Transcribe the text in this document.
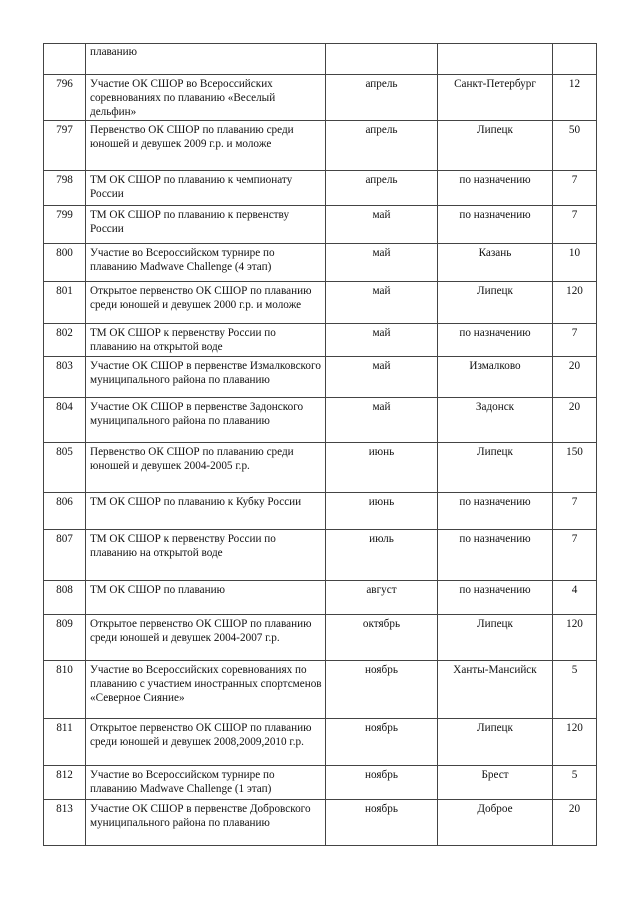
	плаванию			
796	Участие ОК СШОР во Всероссийских соревнованиях по плаванию «Веселый дельфин»	апрель	Санкт-Петербург	12
797	Первенство ОК СШОР по плаванию среди юношей и девушек 2009 г.р. и моложе	апрель	Липецк	50
798	ТМ ОК СШОР по плаванию к чемпионату России	апрель	по назначению	7
799	ТМ ОК СШОР по плаванию к первенству России	май	по назначению	7
800	Участие во Всероссийском турнире по плаванию Madwave Challenge (4 этап)	май	Казань	10
801	Открытое первенство ОК СШОР по плаванию среди юношей и девушек 2000 г.р. и моложе	май	Липецк	120
802	ТМ ОК СШОР к первенству России по плаванию на открытой воде	май	по назначению	7
803	Участие ОК СШОР в первенстве Измалковского муниципального района по плаванию	май	Измалково	20
804	Участие ОК СШОР в первенстве Задонского муниципального района по плаванию	май	Задонск	20
805	Первенство ОК СШОР по плаванию среди юношей и девушек 2004-2005 г.р.	июнь	Липецк	150
806	ТМ ОК СШОР по плаванию к Кубку России	июнь	по назначению	7
807	ТМ ОК СШОР к первенству России по плаванию на открытой воде	июль	по назначению	7
808	ТМ ОК СШОР по плаванию	август	по назначению	4
809	Открытое первенство ОК СШОР по плаванию среди юношей и девушек 2004-2007 г.р.	октябрь	Липецк	120
810	Участие во Всероссийских соревнованиях по плаванию с участием иностранных спортсменов «Северное Сияние»	ноябрь	Ханты-Мансийск	5
811	Открытое первенство ОК СШОР по плаванию среди юношей и девушек 2008,2009,2010 г.р.	ноябрь	Липецк	120
812	Участие во Всероссийском турнире по плаванию Madwave Challenge (1 этап)	ноябрь	Брест	5
813	Участие ОК СШОР в первенстве Добровского муниципального района по плаванию	ноябрь	Доброе	20
